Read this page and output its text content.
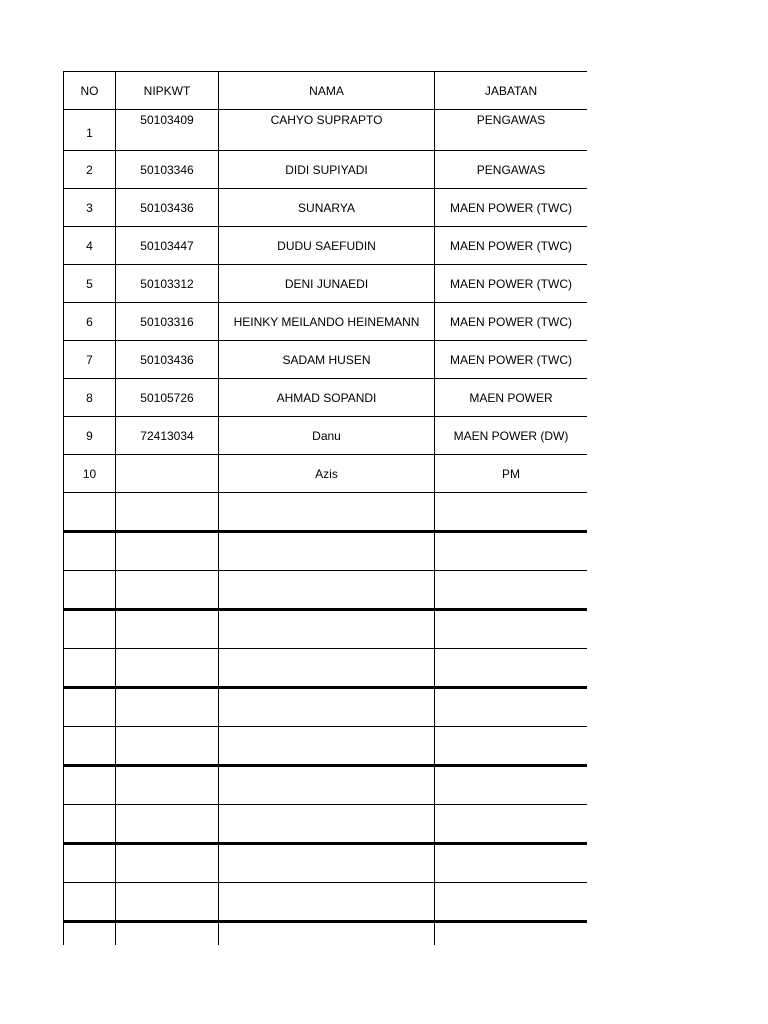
NO	NIPKWT	NAMA	JABATAN
1	50103409	CAHYO SUPRAPTO	PENGAWAS
2	50103346	DIDI SUPIYADI	PENGAWAS
3	50103436	SUNARYA	MAEN POWER (TWC)
4	50103447	DUDU SAEFUDIN	MAEN POWER (TWC)
5	50103312	DENI JUNAEDI	MAEN POWER (TWC)
6	50103316	HEINKY MEILANDO HEINEMANN	MAEN POWER (TWC)
7	50103436	SADAM HUSEN	MAEN POWER (TWC)
8	50105726	AHMAD SOPANDI	MAEN POWER
9	72413034	Danu	MAEN POWER (DW)
10		Azis	PM
